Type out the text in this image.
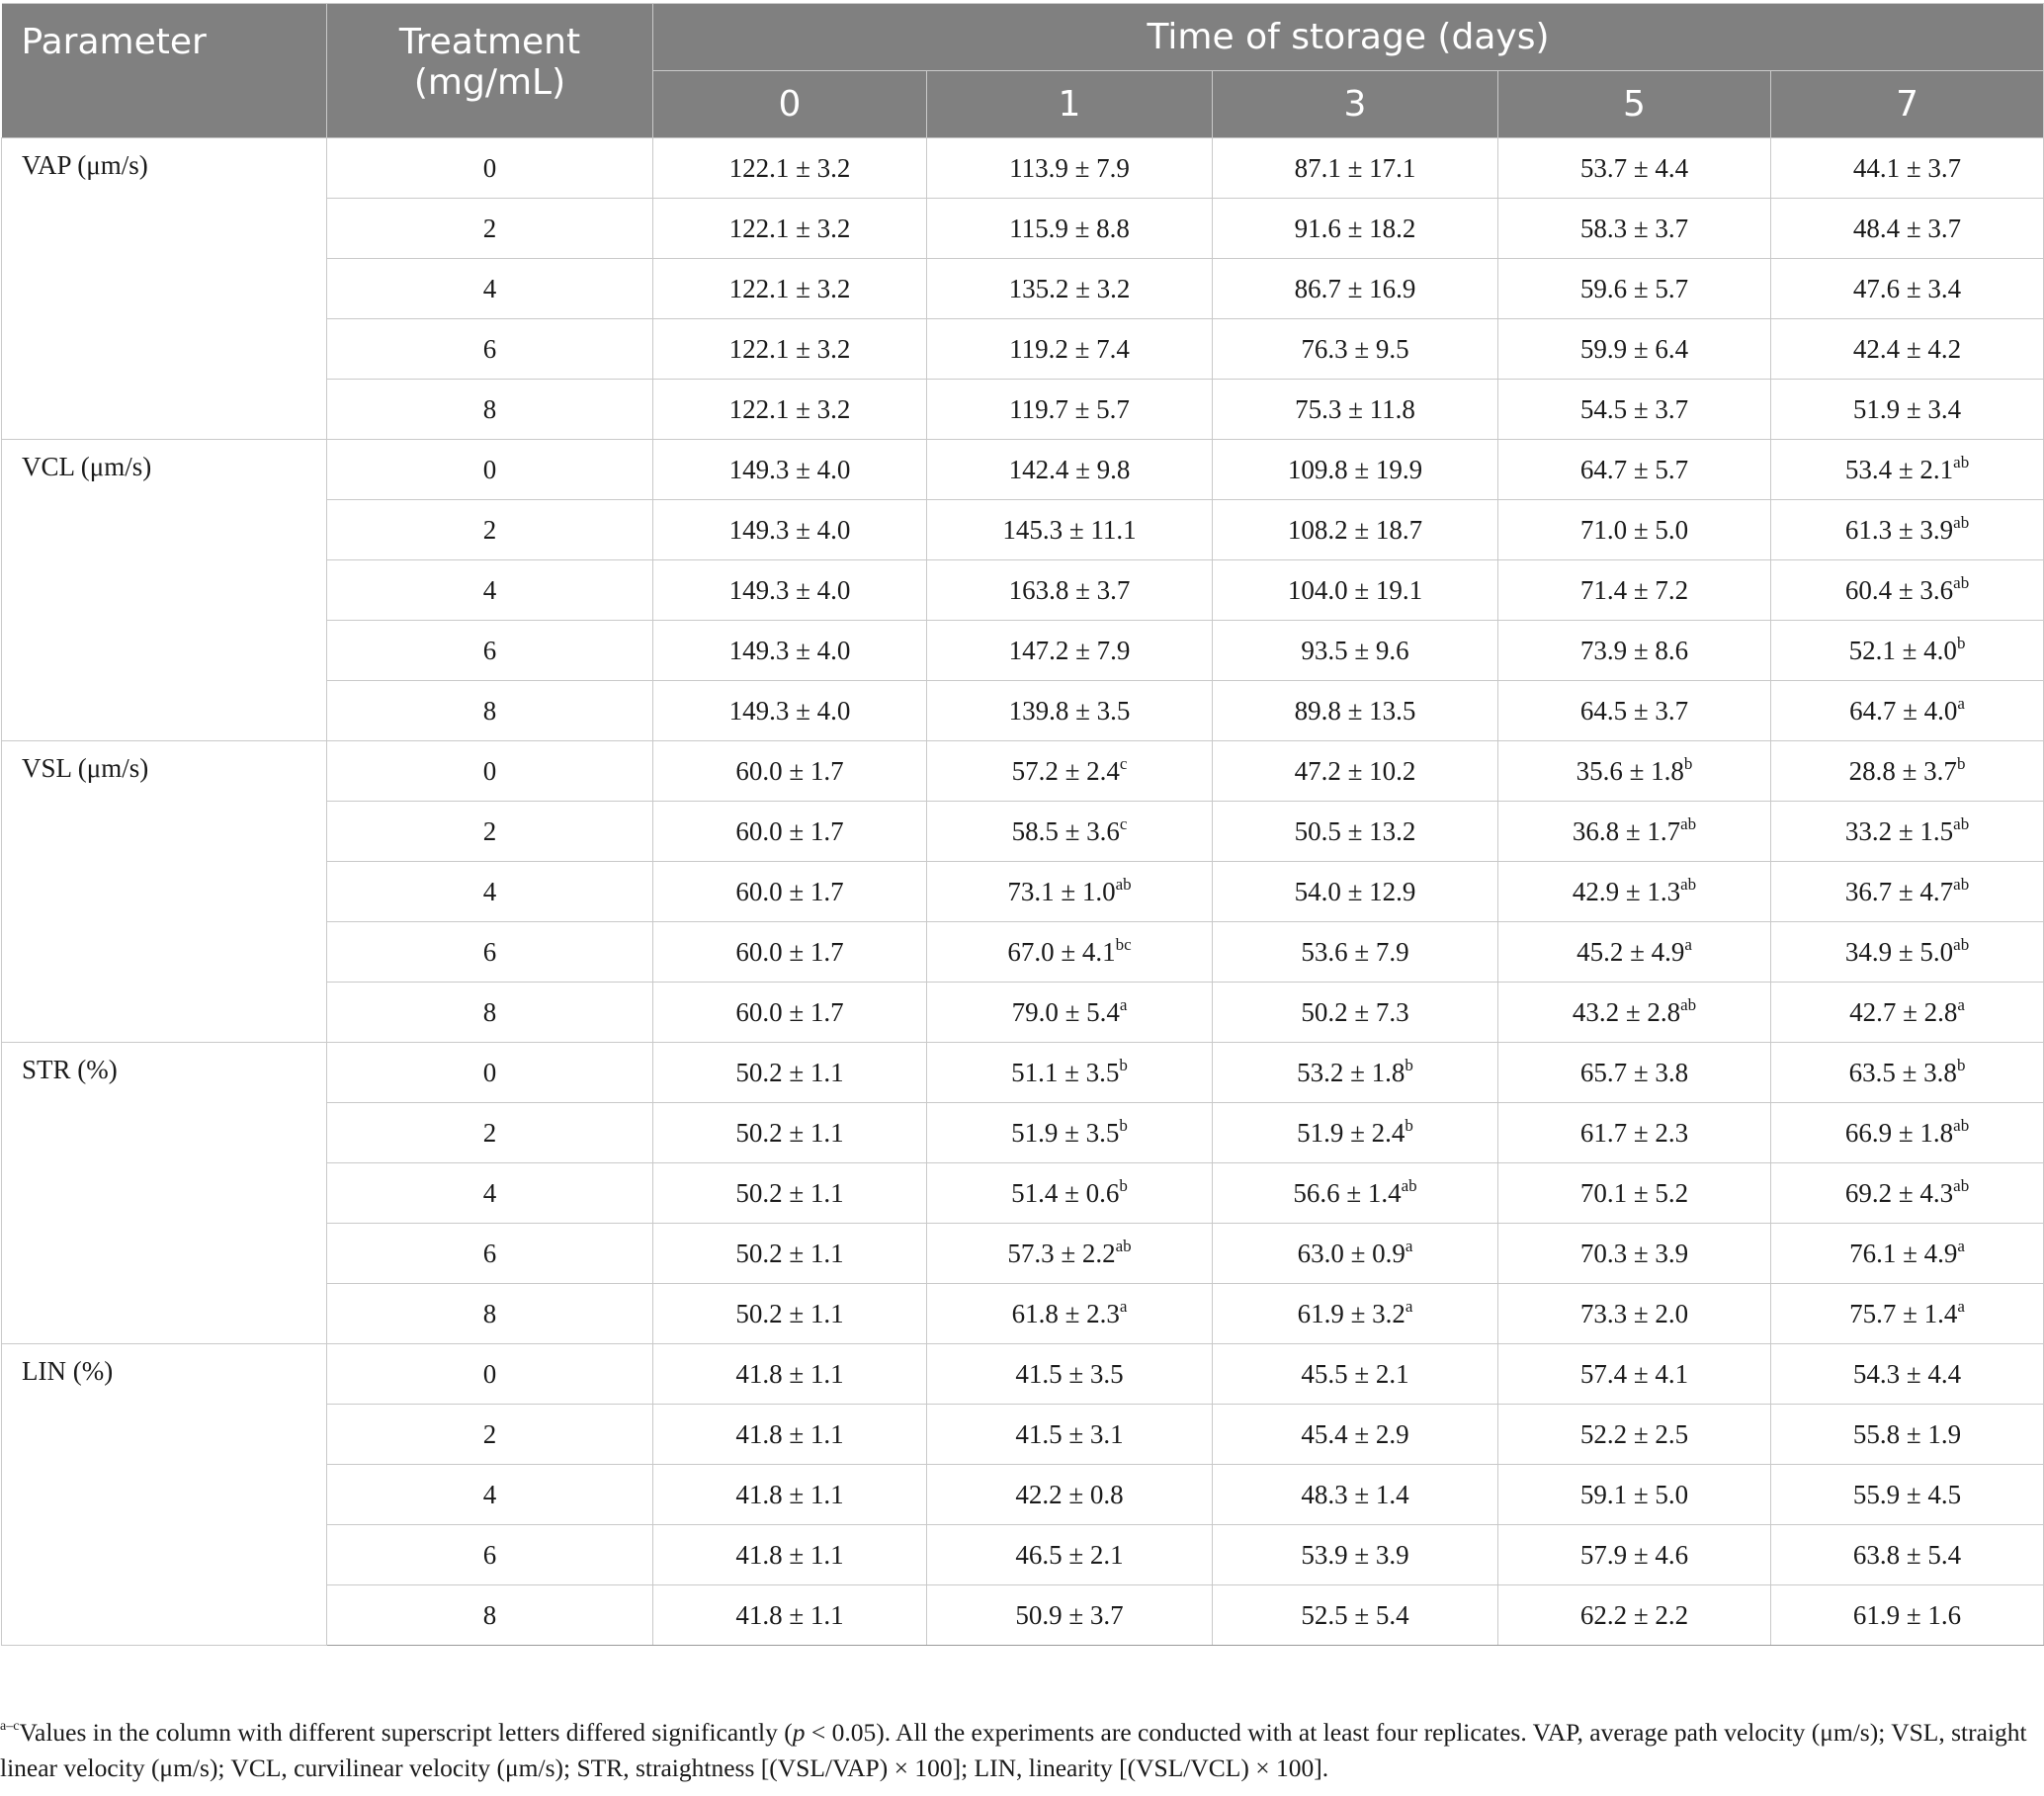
Parameter	Treatment
(mg/mL)	Time of storage (days)				
		0	1	3	5	7
VAP (μm/s)	0	122.1 ± 3.2	113.9 ± 7.9	87.1 ± 17.1	53.7 ± 4.4	44.1 ± 3.7
	2	122.1 ± 3.2	115.9 ± 8.8	91.6 ± 18.2	58.3 ± 3.7	48.4 ± 3.7
	4	122.1 ± 3.2	135.2 ± 3.2	86.7 ± 16.9	59.6 ± 5.7	47.6 ± 3.4
	6	122.1 ± 3.2	119.2 ± 7.4	76.3 ± 9.5	59.9 ± 6.4	42.4 ± 4.2
	8	122.1 ± 3.2	119.7 ± 5.7	75.3 ± 11.8	54.5 ± 3.7	51.9 ± 3.4
VCL (μm/s)	0	149.3 ± 4.0	142.4 ± 9.8	109.8 ± 19.9	64.7 ± 5.7	53.4 ± 2.1$^{ab}$
	2	149.3 ± 4.0	145.3 ± 11.1	108.2 ± 18.7	71.0 ± 5.0	61.3 ± 3.9$^{ab}$
	4	149.3 ± 4.0	163.8 ± 3.7	104.0 ± 19.1	71.4 ± 7.2	60.4 ± 3.6$^{ab}$
	6	149.3 ± 4.0	147.2 ± 7.9	93.5 ± 9.6	73.9 ± 8.6	52.1 ± 4.0$^b$
	8	149.3 ± 4.0	139.8 ± 3.5	89.8 ± 13.5	64.5 ± 3.7	64.7 ± 4.0$^a$
VSL (μm/s)	0	60.0 ± 1.7	57.2 ± 2.4$^c$	47.2 ± 10.2	35.6 ± 1.8$^b$	28.8 ± 3.7$^b$
	2	60.0 ± 1.7	58.5 ± 3.6$^c$	50.5 ± 13.2	36.8 ± 1.7$^{ab}$	33.2 ± 1.5$^{ab}$
	4	60.0 ± 1.7	73.1 ± 1.0$^{ab}$	54.0 ± 12.9	42.9 ± 1.3$^{ab}$	36.7 ± 4.7$^{ab}$
	6	60.0 ± 1.7	67.0 ± 4.1$^{bc}$	53.6 ± 7.9	45.2 ± 4.9$^a$	34.9 ± 5.0$^{ab}$
	8	60.0 ± 1.7	79.0 ± 5.4$^a$	50.2 ± 7.3	43.2 ± 2.8$^{ab}$	42.7 ± 2.8$^a$
STR (%)	0	50.2 ± 1.1	51.1 ± 3.5$^b$	53.2 ± 1.8$^b$	65.7 ± 3.8	63.5 ± 3.8$^b$
	2	50.2 ± 1.1	51.9 ± 3.5$^b$	51.9 ± 2.4$^b$	61.7 ± 2.3	66.9 ± 1.8$^{ab}$
	4	50.2 ± 1.1	51.4 ± 0.6$^b$	56.6 ± 1.4$^{ab}$	70.1 ± 5.2	69.2 ± 4.3$^{ab}$
	6	50.2 ± 1.1	57.3 ± 2.2$^{ab}$	63.0 ± 0.9$^a$	70.3 ± 3.9	76.1 ± 4.9$^a$
	8	50.2 ± 1.1	61.8 ± 2.3$^a$	61.9 ± 3.2$^a$	73.3 ± 2.0	75.7 ± 1.4$^a$
LIN (%)	0	41.8 ± 1.1	41.5 ± 3.5	45.5 ± 2.1	57.4 ± 4.1	54.3 ± 4.4
	2	41.8 ± 1.1	41.5 ± 3.1	45.4 ± 2.9	52.2 ± 2.5	55.8 ± 1.9
	4	41.8 ± 1.1	42.2 ± 0.8	48.3 ± 1.4	59.1 ± 5.0	55.9 ± 4.5
	6	41.8 ± 1.1	46.5 ± 2.1	53.9 ± 3.9	57.9 ± 4.6	63.8 ± 5.4
	8	41.8 ± 1.1	50.9 ± 3.7	52.5 ± 5.4	62.2 ± 2.2	61.9 ± 1.6

$^{a-c}$Values in the column with different superscript letters differed significantly (p < 0.05). All the experiments are conducted with at least four replicates. VAP, average path velocity (μm/s); VSL, straight linear velocity (μm/s); VCL, curvilinear velocity (μm/s); STR, straightness [(VSL/VAP) × 100]; LIN, linearity [(VSL/VCL) × 100].
